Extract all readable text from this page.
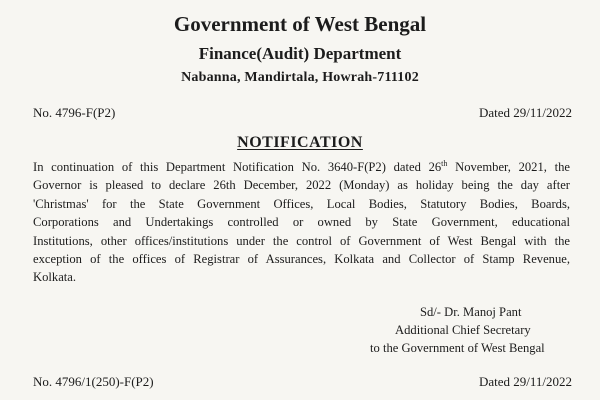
Government of West Bengal
Finance(Audit) Department
Nabanna, Mandirtala, Howrah-711102
No. 4796-F(P2)	Dated 29/11/2022
NOTIFICATION
In continuation of this Department Notification No. 3640-F(P2) dated 26th November, 2021, the
Governor is pleased to declare 26th December, 2022 (Monday) as holiday being the day after
'Christmas' for the State Government Offices, Local Bodies, Statutory Bodies, Boards,
Corporations and Undertakings controlled or owned by State Government, educational
Institutions, other offices/institutions under the control of Government of West Bengal with the
exception of the offices of Registrar of Assurances, Kolkata and Collector of Stamp Revenue,
Kolkata.
Sd/- Dr. Manoj Pant
Additional Chief Secretary
to the Government of West Bengal
No. 4796/1(250)-F(P2)	Dated 29/11/2022
